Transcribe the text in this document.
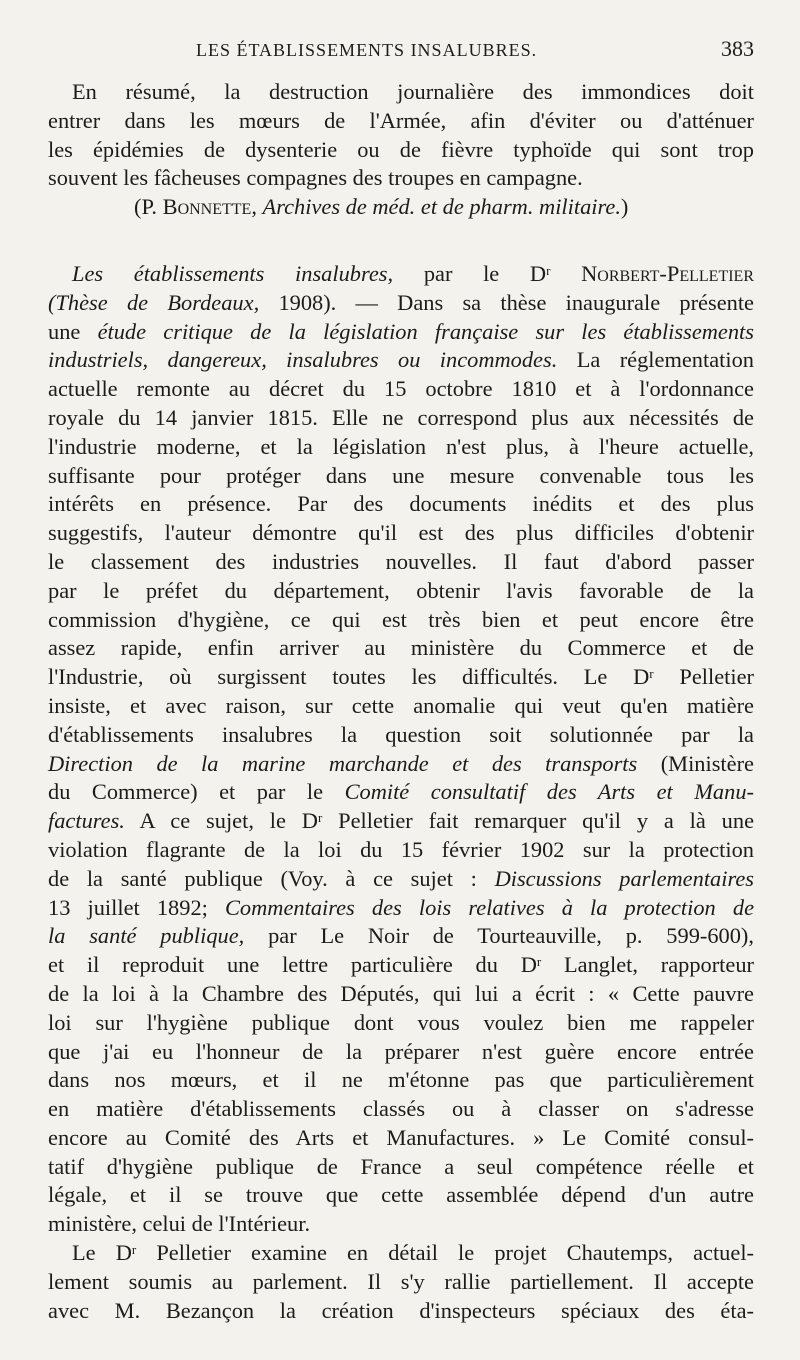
LES ÉTABLISSEMENTS INSALUBRES.	383

En résumé, la destruction journalière des immondices doit
entrer dans les mœurs de l'Armée, afin d'éviter ou d'atténuer
les épidémies de dysenterie ou de fièvre typhoïde qui sont trop
souvent les fâcheuses compagnes des troupes en campagne.
(P. Bonnette, Archives de méd. et de pharm. militaire.)

Les établissements insalubres, par le $D^r$ Norbert-Pelletier
(Thèse de Bordeaux, 1908). — Dans sa thèse inaugurale présente
une étude critique de la législation française sur les établissements
industriels, dangereux, insalubres ou incommodes. La réglementation
actuelle remonte au décret du 15 octobre 1810 et à l'ordonnance
royale du 14 janvier 1815. Elle ne correspond plus aux nécessités de
l'industrie moderne, et la législation n'est plus, à l'heure actuelle,
suffisante pour protéger dans une mesure convenable tous les
intérêts en présence. Par des documents inédits et des plus
suggestifs, l'auteur démontre qu'il est des plus difficiles d'obtenir
le classement des industries nouvelles. Il faut d'abord passer
par le préfet du département, obtenir l'avis favorable de la
commission d'hygiène, ce qui est très bien et peut encore être
assez rapide, enfin arriver au ministère du Commerce et de
l'Industrie, où surgissent toutes les difficultés. Le $D^r$ Pelletier
insiste, et avec raison, sur cette anomalie qui veut qu'en matière
d'établissements insalubres la question soit solutionnée par la
Direction de la marine marchande et des transports (Ministère
du Commerce) et par le Comité consultatif des Arts et Manu-
factures. A ce sujet, le $D^r$ Pelletier fait remarquer qu'il y a là une
violation flagrante de la loi du 15 février 1902 sur la protection
de la santé publique (Voy. à ce sujet : Discussions parlementaires
13 juillet 1892; Commentaires des lois relatives à la protection de
la santé publique, par Le Noir de Tourteauville, p. 599-600),
et il reproduit une lettre particulière du $D^r$ Langlet, rapporteur
de la loi à la Chambre des Députés, qui lui a écrit : « Cette pauvre
loi sur l'hygiène publique dont vous voulez bien me rappeler
que j'ai eu l'honneur de la préparer n'est guère encore entrée
dans nos mœurs, et il ne m'étonne pas que particulièrement
en matière d'établissements classés ou à classer on s'adresse
encore au Comité des Arts et Manufactures. » Le Comité consul-
tatif d'hygiène publique de France a seul compétence réelle et
légale, et il se trouve que cette assemblée dépend d'un autre
ministère, celui de l'Intérieur.

Le $D^r$ Pelletier examine en détail le projet Chautemps, actuel-
lement soumis au parlement. Il s'y rallie partiellement. Il accepte
avec M. Bezançon la création d'inspecteurs spéciaux des éta-
